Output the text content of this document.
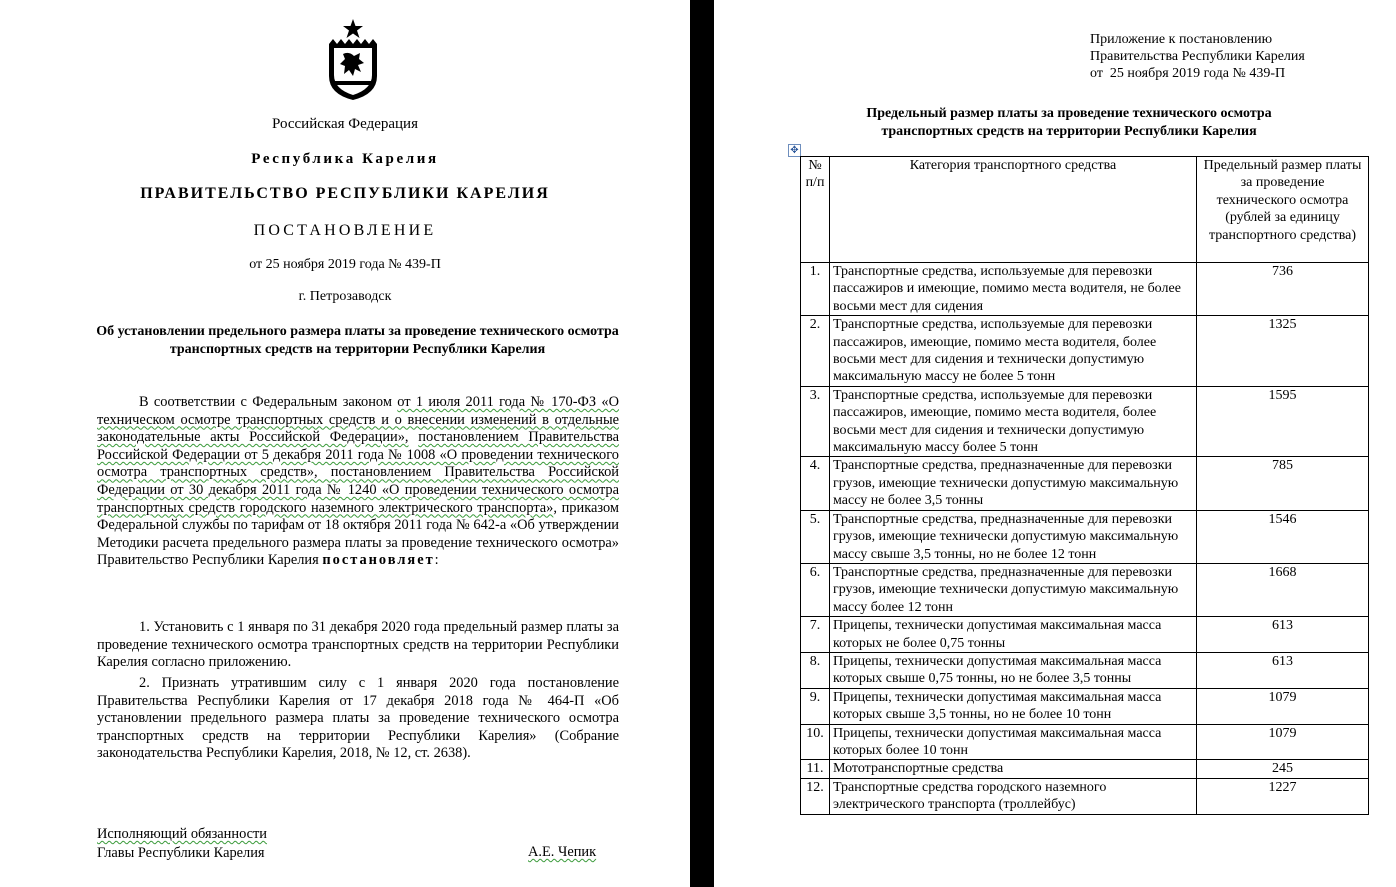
Российская Федерация
Республика Карелия
ПРАВИТЕЛЬСТВО РЕСПУБЛИКИ КАРЕЛИЯ
ПОСТАНОВЛЕНИЕ
от 25 ноября 2019 года № 439-П
г. Петрозаводск
Об установлении предельного размера платы за проведение технического осмотра транспортных средств на территории Республики Карелия
В соответствии с Федеральным законом от 1 июля 2011 года № 170-ФЗ «О техническом осмотре транспортных средств и о внесении изменений в отдельные законодательные акты Российской Федерации», постановлением Правительства Российской Федерации от 5 декабря 2011 года № 1008 «О проведении технического осмотра транспортных средств», постановлением Правительства Российской Федерации от 30 декабря 2011 года № 1240 «О проведении технического осмотра транспортных средств городского наземного электрического транспорта», приказом Федеральной службы по тарифам от 18 октября 2011 года № 642-а «Об утверждении Методики расчета предельного размера платы за проведение технического осмотра» Правительство Республики Карелия постановляет:
1. Установить с 1 января по 31 декабря 2020 года предельный размер платы за проведение технического осмотра транспортных средств на территории Республики Карелия согласно приложению.
2. Признать утратившим силу с 1 января 2020 года постановление Правительства Республики Карелия от 17 декабря 2018 года № 464-П «Об установлении предельного размера платы за проведение технического осмотра транспортных средств на территории Республики Карелия» (Собрание законодательства Республики Карелия, 2018, № 12, ст. 2638).
Исполняющий обязанности
Главы Республики Карелия	А.Е. Чепик
Приложение к постановлению
Правительства Республики Карелия
от  25 ноября 2019 года № 439-П
Предельный размер платы за проведение технического осмотра транспортных средств на территории Республики Карелия
✥
№ п/п	Категория транспортного средства	Предельный размер платы за проведение технического осмотра (рублей за единицу транспортного средства)
1.	Транспортные средства, используемые для перевозки пассажиров и имеющие, помимо места водителя, не более восьми мест для сидения	736
2.	Транспортные средства, используемые для перевозки пассажиров, имеющие, помимо места водителя, более восьми мест для сидения и технически допустимую максимальную массу не более 5 тонн	1325
3.	Транспортные средства, используемые для перевозки пассажиров, имеющие, помимо места водителя, более восьми мест для сидения и технически допустимую максимальную массу более 5 тонн	1595
4.	Транспортные средства, предназначенные для перевозки грузов, имеющие технически допустимую максимальную массу не более 3,5 тонны	785
5.	Транспортные средства, предназначенные для перевозки грузов, имеющие технически допустимую максимальную массу свыше 3,5 тонны, но не более 12 тонн	1546
6.	Транспортные средства, предназначенные для перевозки грузов, имеющие технически допустимую максимальную массу более 12 тонн	1668
7.	Прицепы, технически допустимая максимальная масса которых не более 0,75 тонны	613
8.	Прицепы, технически допустимая максимальная масса которых свыше 0,75 тонны, но не более 3,5 тонны	613
9.	Прицепы, технически допустимая максимальная масса которых свыше 3,5 тонны, но не более 10 тонн	1079
10.	Прицепы, технически допустимая максимальная масса которых более 10 тонн	1079
11.	Мототранспортные средства	245
12.	Транспортные средства городского наземного электрического транспорта (троллейбус)	1227
